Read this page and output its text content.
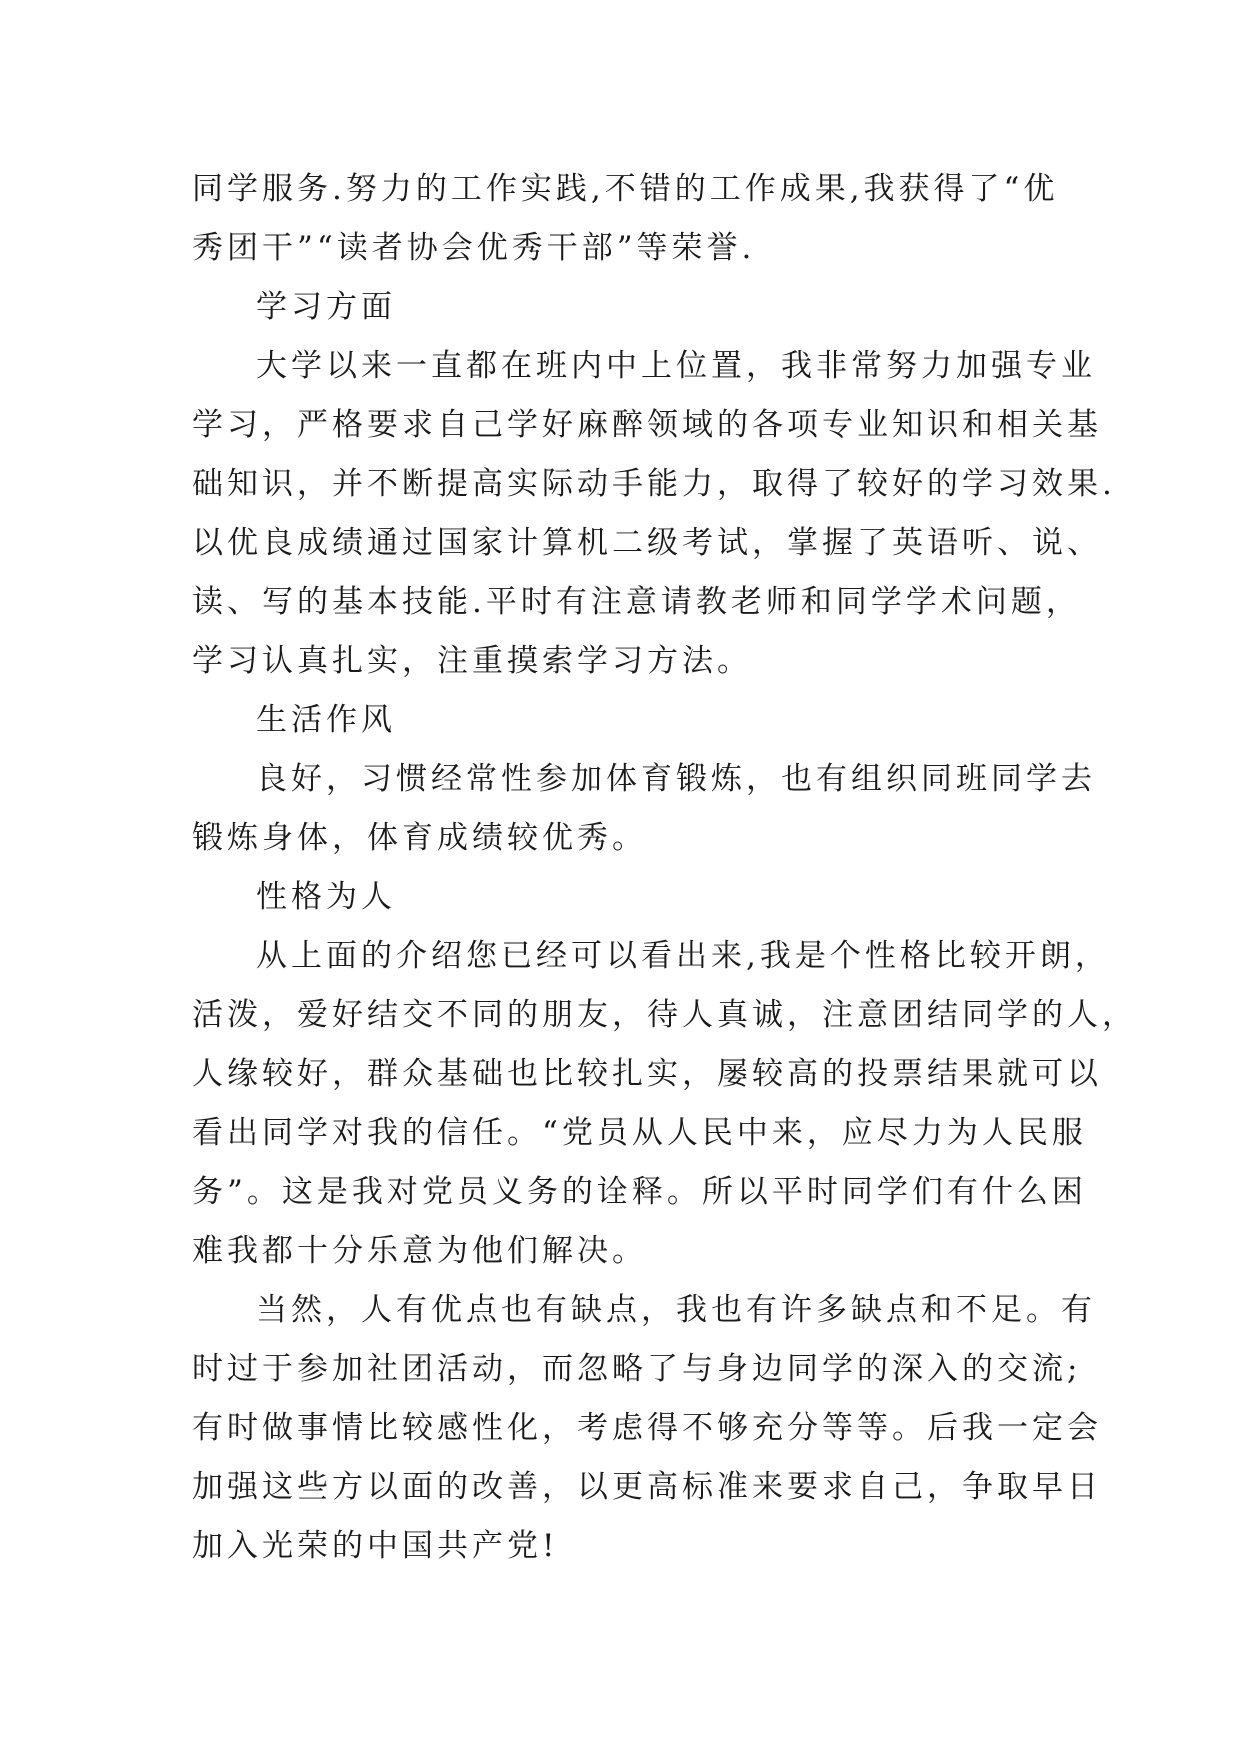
同学服务.努力的工作实践,不错的工作成果,我获得了“优
秀团干”“读者协会优秀干部”等荣誉.
学习方面
大学以来一直都在班内中上位置，我非常努力加强专业
学习，严格要求自己学好麻醉领域的各项专业知识和相关基
础知识，并不断提高实际动手能力，取得了较好的学习效果.
以优良成绩通过国家计算机二级考试，掌握了英语听、说、
读、写的基本技能.平时有注意请教老师和同学学术问题，
学习认真扎实，注重摸索学习方法。
生活作风
良好，习惯经常性参加体育锻炼，也有组织同班同学去
锻炼身体，体育成绩较优秀。
性格为人
从上面的介绍您已经可以看出来,我是个性格比较开朗，
活泼，爱好结交不同的朋友，待人真诚，注意团结同学的人，
人缘较好，群众基础也比较扎实，屡较高的投票结果就可以
看出同学对我的信任。“党员从人民中来，应尽力为人民服
务”。这是我对党员义务的诠释。所以平时同学们有什么困
难我都十分乐意为他们解决。
当然，人有优点也有缺点，我也有许多缺点和不足。有
时过于参加社团活动，而忽略了与身边同学的深入的交流;
有时做事情比较感性化，考虑得不够充分等等。后我一定会
加强这些方以面的改善，以更高标准来要求自己，争取早日
加入光荣的中国共产党!
